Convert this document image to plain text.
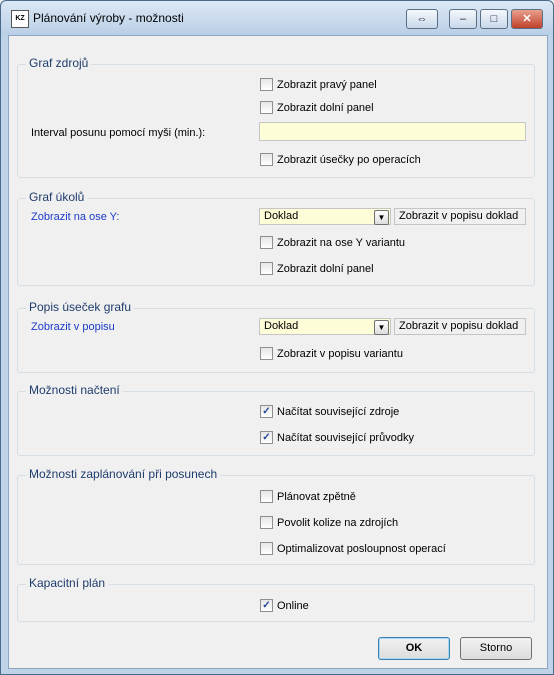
KZ Plánování výroby - možnosti	⇔	–	□	✕
Graf zdrojů
Zobrazit pravý panel
Zobrazit dolní panel
Interval posunu pomocí myši (min.):
Zobrazit úsečky po operacích
Graf úkolů
Zobrazit na ose Y:	Doklad	▼	Zobrazit v popisu doklad
Zobrazit na ose Y variantu
Zobrazit dolní panel
Popis úseček grafu
Zobrazit v popisu	Doklad	▼	Zobrazit v popisu doklad
Zobrazit v popisu variantu
Možnosti načtení
✓ Načítat související zdroje
✓ Načítat související průvodky
Možnosti zaplánování při posunech
Plánovat zpětně
Povolit kolize na zdrojích
Optimalizovat posloupnost operací
Kapacitní plán
✓ Online
OK	Storno
